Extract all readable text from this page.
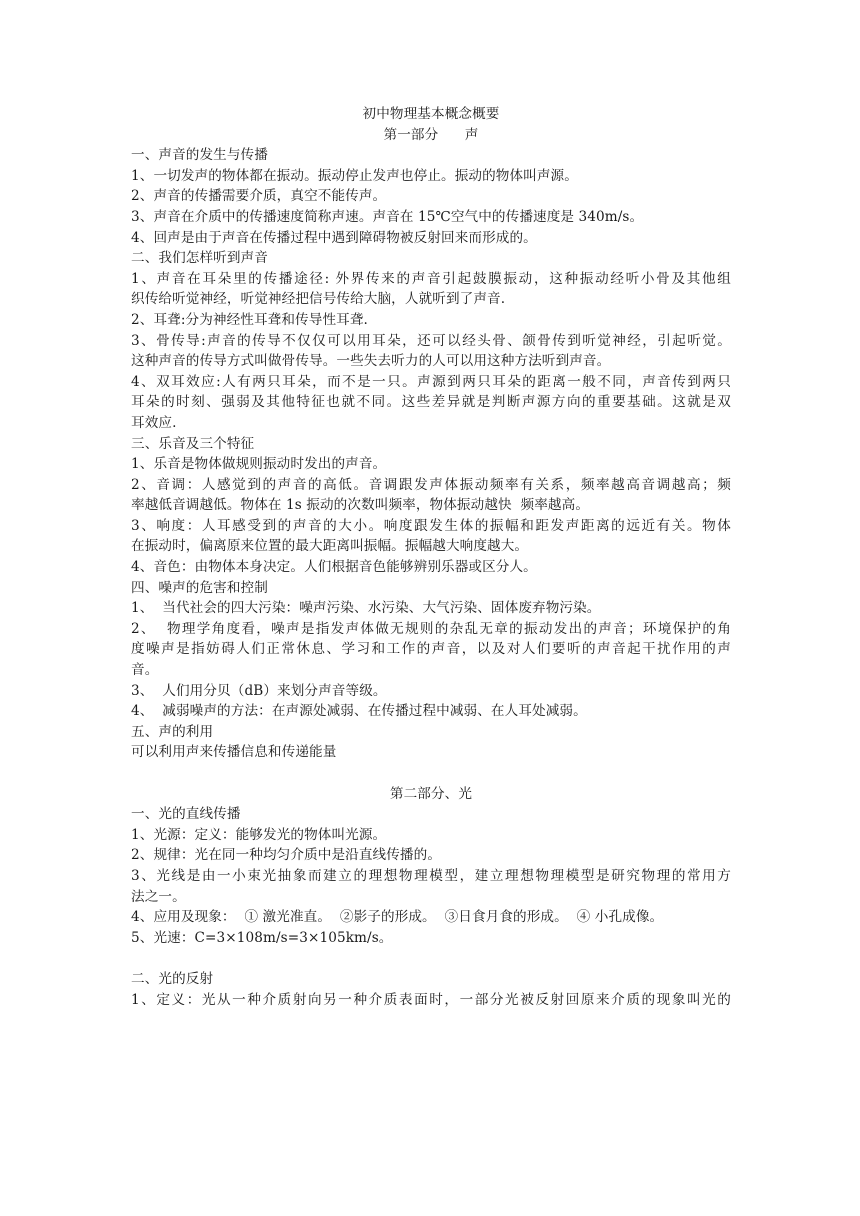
初中物理基本概念概要
第一部分      声
一、声音的发生与传播
1、一切发声的物体都在振动。振动停止发声也停止。振动的物体叫声源。
2、声音的传播需要介质，真空不能传声。
3、声音在介质中的传播速度简称声速。声音在 15℃空气中的传播速度是 340m/s。
4、回声是由于声音在传播过程中遇到障碍物被反射回来而形成的。
二、我们怎样听到声音
1、声音在耳朵里的传播途径: 外界传来的声音引起鼓膜振动，这种振动经听小骨及其他组
织传给听觉神经，听觉神经把信号传给大脑，人就听到了声音.
2、耳聋:分为神经性耳聋和传导性耳聋.
3、骨传导:声音的传导不仅仅可以用耳朵，还可以经头骨、颌骨传到听觉神经，引起听觉。
这种声音的传导方式叫做骨传导。一些失去听力的人可以用这种方法听到声音。
4、双耳效应:人有两只耳朵，而不是一只。声源到两只耳朵的距离一般不同，声音传到两只
耳朵的时刻、强弱及其他特征也就不同。这些差异就是判断声源方向的重要基础。这就是双
耳效应.
三、乐音及三个特征
1、乐音是物体做规则振动时发出的声音。
2、音调：人感觉到的声音的高低。音调跟发声体振动频率有关系，频率越高音调越高；频
率越低音调越低。物体在 1s 振动的次数叫频率，物体振动越快  频率越高。
3、响度：人耳感受到的声音的大小。响度跟发生体的振幅和距发声距离的远近有关。物体
在振动时，偏离原来位置的最大距离叫振幅。振幅越大响度越大。
4、音色：由物体本身决定。人们根据音色能够辨别乐器或区分人。
四、噪声的危害和控制
1、  当代社会的四大污染：噪声污染、水污染、大气污染、固体废弃物污染。
2、  物理学角度看，噪声是指发声体做无规则的杂乱无章的振动发出的声音；环境保护的角
度噪声是指妨碍人们正常休息、学习和工作的声音，以及对人们要听的声音起干扰作用的声
音。
3、  人们用分贝（dB）来划分声音等级。
4、  减弱噪声的方法：在声源处减弱、在传播过程中减弱、在人耳处减弱。
五、声的利用
可以利用声来传播信息和传递能量
第二部分、光
一、光的直线传播
1、光源：定义：能够发光的物体叫光源。
2、规律：光在同一种均匀介质中是沿直线传播的。
3、光线是由一小束光抽象而建立的理想物理模型，建立理想物理模型是研究物理的常用方
法之一。
4、应用及现象：  ① 激光准直。  ②影子的形成。  ③日食月食的形成。  ④ 小孔成像。
5、光速：C=3×108m/s=3×105km/s。
二、光的反射
1、定义：光从一种介质射向另一种介质表面时，一部分光被反射回原来介质的现象叫光的
